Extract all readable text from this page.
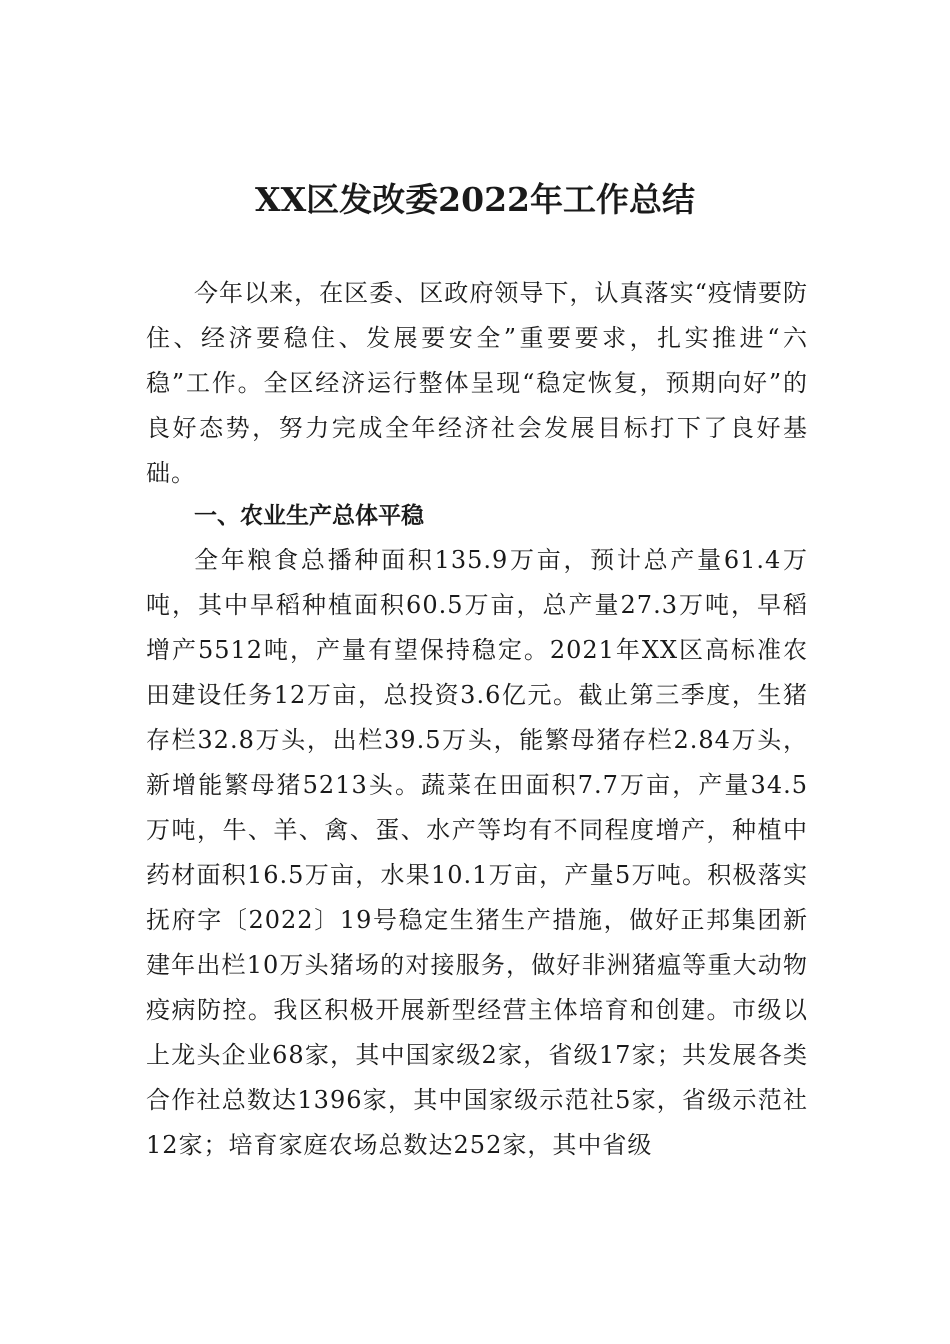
XX区发改委2022年工作总结

今年以来，在区委、区政府领导下，认真落实“疫情要防住、经济要稳住、发展要安全”重要要求，扎实推进“六稳”工作。全区经济运行整体呈现“稳定恢复，预期向好”的良好态势，努力完成全年经济社会发展目标打下了良好基础。

一、农业生产总体平稳

全年粮食总播种面积135.9万亩，预计总产量61.4万吨，其中早稻种植面积60.5万亩，总产量27.3万吨，早稻增产5512吨，产量有望保持稳定。2021年XX区高标准农田建设任务12万亩，总投资3.6亿元。截止第三季度，生猪存栏32.8万头，出栏39.5万头，能繁母猪存栏2.84万头，新增能繁母猪5213头。蔬菜在田面积7.7万亩，产量34.5万吨，牛、羊、禽、蛋、水产等均有不同程度增产，种植中药材面积16.5万亩，水果10.1万亩，产量5万吨。积极落实抚府字〔2022〕19号稳定生猪生产措施，做好正邦集团新建年出栏10万头猪场的对接服务，做好非洲猪瘟等重大动物疫病防控。我区积极开展新型经营主体培育和创建。市级以上龙头企业68家，其中国家级2家，省级17家；共发展各类合作社总数达1396家，其中国家级示范社5家，省级示范社12家；培育家庭农场总数达252家，其中省级
